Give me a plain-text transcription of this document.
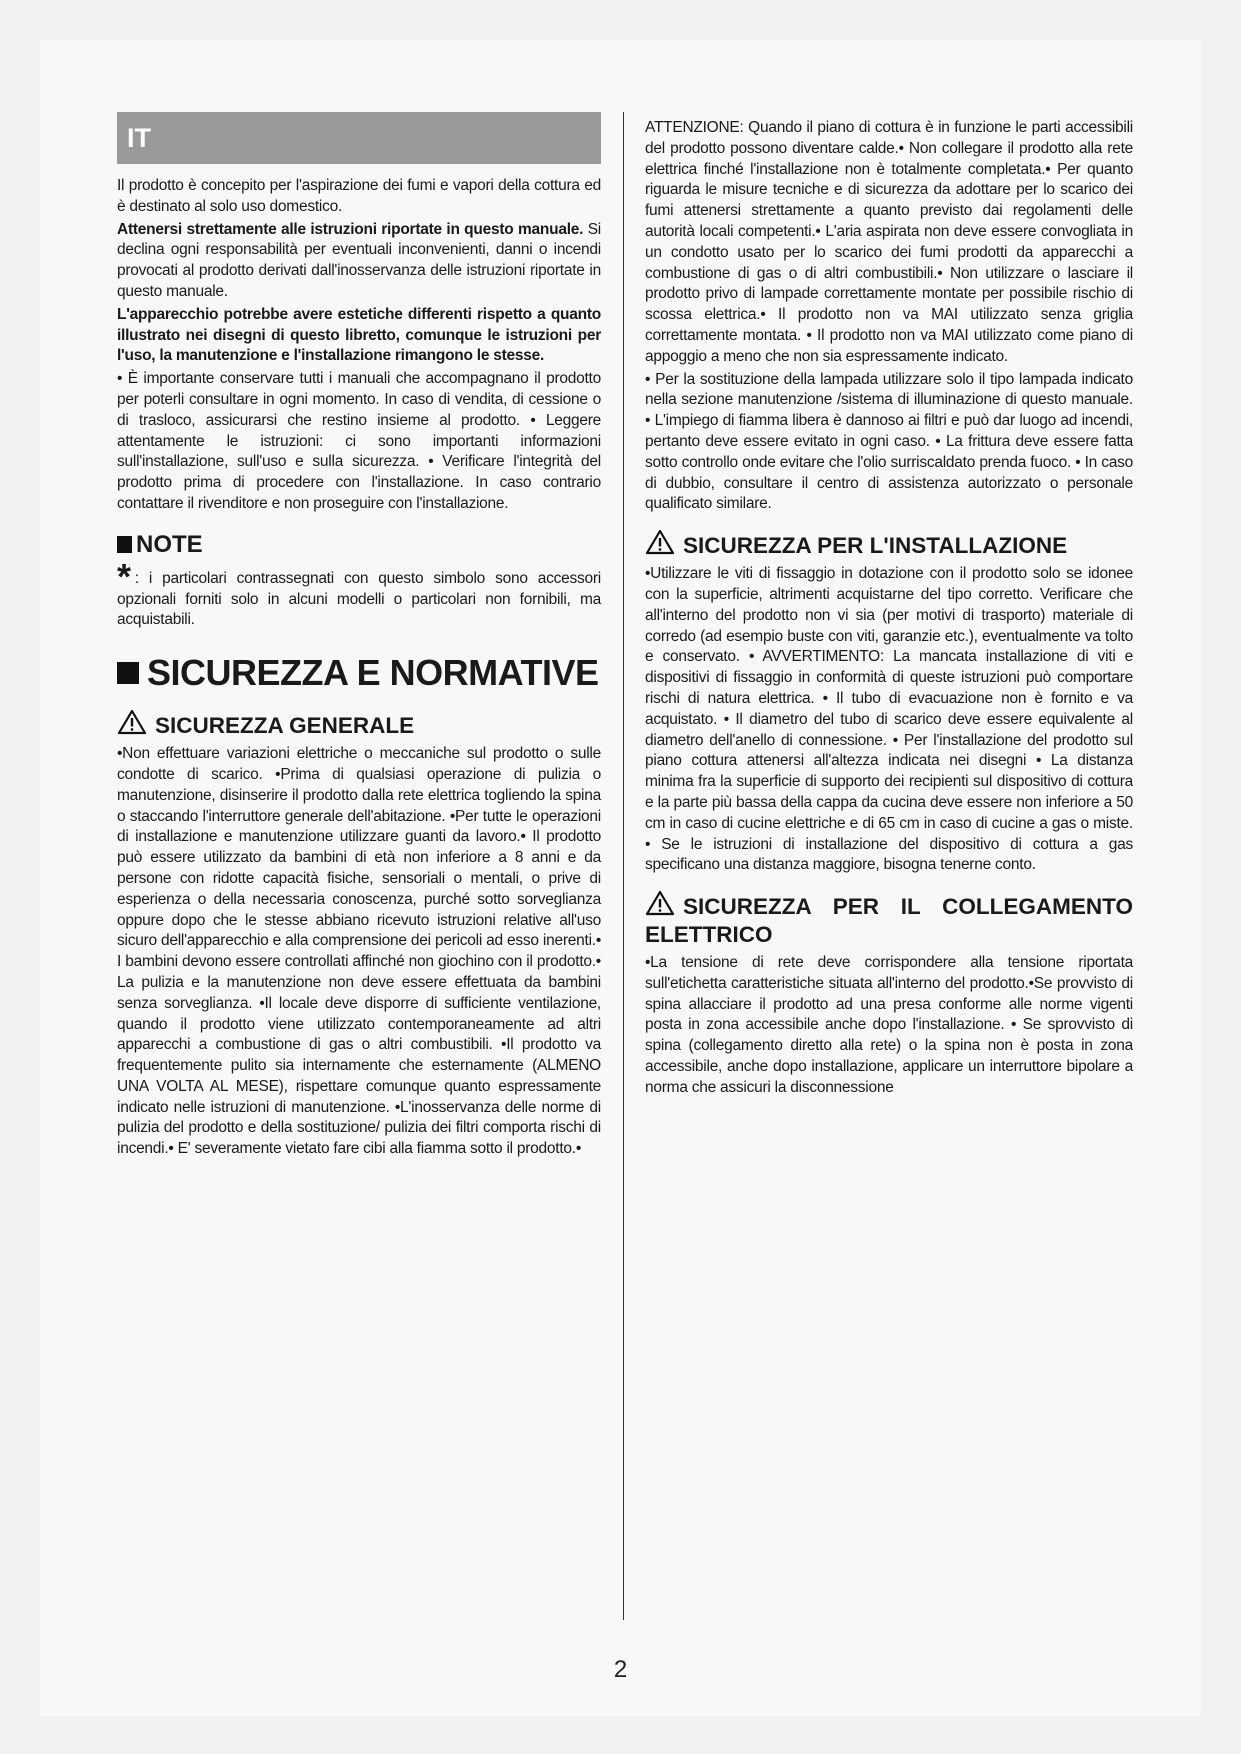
IT

Il prodotto è concepito per l'aspirazione dei fumi e vapori della cottura ed è destinato al solo uso domestico.

Attenersi strettamente alle istruzioni riportate in questo manuale. Si declina ogni responsabilità per eventuali inconvenienti, danni o incendi provocati al prodotto derivati dall'inosservanza delle istruzioni riportate in questo manuale.

L'apparecchio potrebbe avere estetiche differenti rispetto a quanto illustrato nei disegni di questo libretto, comunque le istruzioni per l'uso, la manutenzione e l'installazione rimangono le stesse.

• È importante conservare tutti i manuali che accompagnano il prodotto per poterli consultare in ogni momento. In caso di vendita, di cessione o di trasloco, assicurarsi che restino insieme al prodotto. • Leggere attentamente le istruzioni: ci sono importanti informazioni sull'installazione, sull'uso e sulla sicurezza. • Verificare l'integrità del prodotto prima di procedere con l'installazione. In caso contrario contattare il rivenditore e non proseguire con l'installazione.

NOTE

* : i particolari contrassegnati con questo simbolo sono accessori opzionali forniti solo in alcuni modelli o particolari non fornibili, ma acquistabili.

SICUREZZA E NORMATIVE
SICUREZZA GENERALE

•Non effettuare variazioni elettriche o meccaniche sul prodotto o sulle condotte di scarico. •Prima di qualsiasi operazione di pulizia o manutenzione, disinserire il prodotto dalla rete elettrica togliendo la spina o staccando l'interruttore generale dell'abitazione. •Per tutte le operazioni di installazione e manutenzione utilizzare guanti da lavoro.• Il prodotto può essere utilizzato da bambini di età non inferiore a 8 anni e da persone con ridotte capacità fisiche, sensoriali o mentali, o prive di esperienza o della necessaria conoscenza, purché sotto sorveglianza oppure dopo che le stesse abbiano ricevuto istruzioni relative all'uso sicuro dell'apparecchio e alla comprensione dei pericoli ad esso inerenti.• I bambini devono essere controllati affinché non giochino con il prodotto.• La pulizia e la manutenzione non deve essere effettuata da bambini senza sorveglianza. •Il locale deve disporre di sufficiente ventilazione, quando il prodotto viene utilizzato contemporaneamente ad altri apparecchi a combustione di gas o altri combustibili. •Il prodotto va frequentemente pulito sia internamente che esternamente (ALMENO UNA VOLTA AL MESE), rispettare comunque quanto espressamente indicato nelle istruzioni di manutenzione. •L'inosservanza delle norme di pulizia del prodotto e della sostituzione/ pulizia dei filtri comporta rischi di incendi.• E' severamente vietato fare cibi alla fiamma sotto il prodotto.•

ATTENZIONE: Quando il piano di cottura è in funzione le parti accessibili del prodotto possono diventare calde.• Non collegare il prodotto alla rete elettrica finché l'installazione non è totalmente completata.• Per quanto riguarda le misure tecniche e di sicurezza da adottare per lo scarico dei fumi attenersi strettamente a quanto previsto dai regolamenti delle autorità locali competenti.• L'aria aspirata non deve essere convogliata in un condotto usato per lo scarico dei fumi prodotti da apparecchi a combustione di gas o di altri combustibili.• Non utilizzare o lasciare il prodotto privo di lampade correttamente montate per possibile rischio di scossa elettrica.• Il prodotto non va MAI utilizzato senza griglia correttamente montata. • Il prodotto non va MAI utilizzato come piano di appoggio a meno che non sia espressamente indicato.

• Per la sostituzione della lampada utilizzare solo il tipo lampada indicato nella sezione manutenzione /sistema di illuminazione di questo manuale. • L'impiego di fiamma libera è dannoso ai filtri e può dar luogo ad incendi, pertanto deve essere evitato in ogni caso. • La frittura deve essere fatta sotto controllo onde evitare che l'olio surriscaldato prenda fuoco. • In caso di dubbio, consultare il centro di assistenza autorizzato o personale qualificato similare.

SICUREZZA PER L'INSTALLAZIONE

•Utilizzare le viti di fissaggio in dotazione con il prodotto solo se idonee con la superficie, altrimenti acquistarne del tipo corretto. Verificare che all'interno del prodotto non vi sia (per motivi di trasporto) materiale di corredo (ad esempio buste con viti, garanzie etc.), eventualmente va tolto e conservato. • AVVERTIMENTO: La mancata installazione di viti e dispositivi di fissaggio in conformità di queste istruzioni può comportare rischi di natura elettrica. • Il tubo di evacuazione non è fornito e va acquistato. • Il diametro del tubo di scarico deve essere equivalente al diametro dell'anello di connessione. • Per l'installazione del prodotto sul piano cottura attenersi all'altezza indicata nei disegni • La distanza minima fra la superficie di supporto dei recipienti sul dispositivo di cottura e la parte più bassa della cappa da cucina deve essere non inferiore a 50 cm in caso di cucine elettriche e di 65 cm in caso di cucine a gas o miste. • Se le istruzioni di installazione del dispositivo di cottura a gas specificano una distanza maggiore, bisogna tenerne conto.

SICUREZZA PER IL COLLEGAMENTO ELETTRICO

•La tensione di rete deve corrispondere alla tensione riportata sull'etichetta caratteristiche situata all'interno del prodotto.•Se provvisto di spina allacciare il prodotto ad una presa conforme alle norme vigenti posta in zona accessibile anche dopo l'installazione. • Se sprovvisto di spina (collegamento diretto alla rete) o la spina non è posta in zona accessibile, anche dopo installazione, applicare un interruttore bipolare a norma che assicuri la disconnessione

2
